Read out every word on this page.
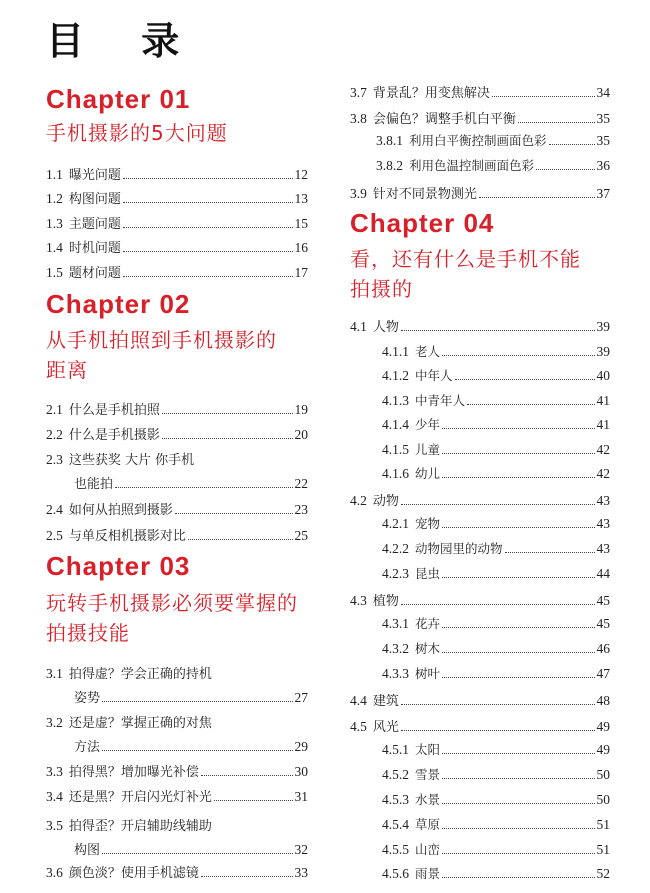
目 录
Chapter 01
手机摄影的5大问题
1.1 曝光问题	12
1.2 构图问题	13
1.3 主题问题	15
1.4 时机问题	16
1.5 题材问题	17
Chapter 02
从手机拍照到手机摄影的
距离
2.1 什么是手机拍照	19
2.2 什么是手机摄影	20
2.3 这些获奖 大片 你手机
也能拍	22
2.4 如何从拍照到摄影	23
2.5 与单反相机摄影对比	25
Chapter 03
玩转手机摄影必须要掌握的
拍摄技能
3.1 拍得虚？学会正确的持机
姿势	27
3.2 还是虚？掌握正确的对焦
方法	29
3.3 拍得黑？增加曝光补偿	30
3.4 还是黑？开启闪光灯补光	31
3.5 拍得歪？开启辅助线辅助
构图	32
3.6 颜色淡？使用手机滤镜	33
3.7 背景乱？用变焦解决	34
3.8 会偏色？调整手机白平衡	35
3.8.1 利用白平衡控制画面色彩	35
3.8.2 利用色温控制画面色彩	36
3.9 针对不同景物测光	37
Chapter 04
看，还有什么是手机不能
拍摄的
4.1 人物	39
4.1.1 老人	39
4.1.2 中年人	40
4.1.3 中青年人	41
4.1.4 少年	41
4.1.5 儿童	42
4.1.6 幼儿	42
4.2 动物	43
4.2.1 宠物	43
4.2.2 动物园里的动物	43
4.2.3 昆虫	44
4.3 植物	45
4.3.1 花卉	45
4.3.2 树木	46
4.3.3 树叶	47
4.4 建筑	48
4.5 风光	49
4.5.1 太阳	49
4.5.2 雪景	50
4.5.3 水景	50
4.5.4 草原	51
4.5.5 山峦	51
4.5.6 雨景	52
